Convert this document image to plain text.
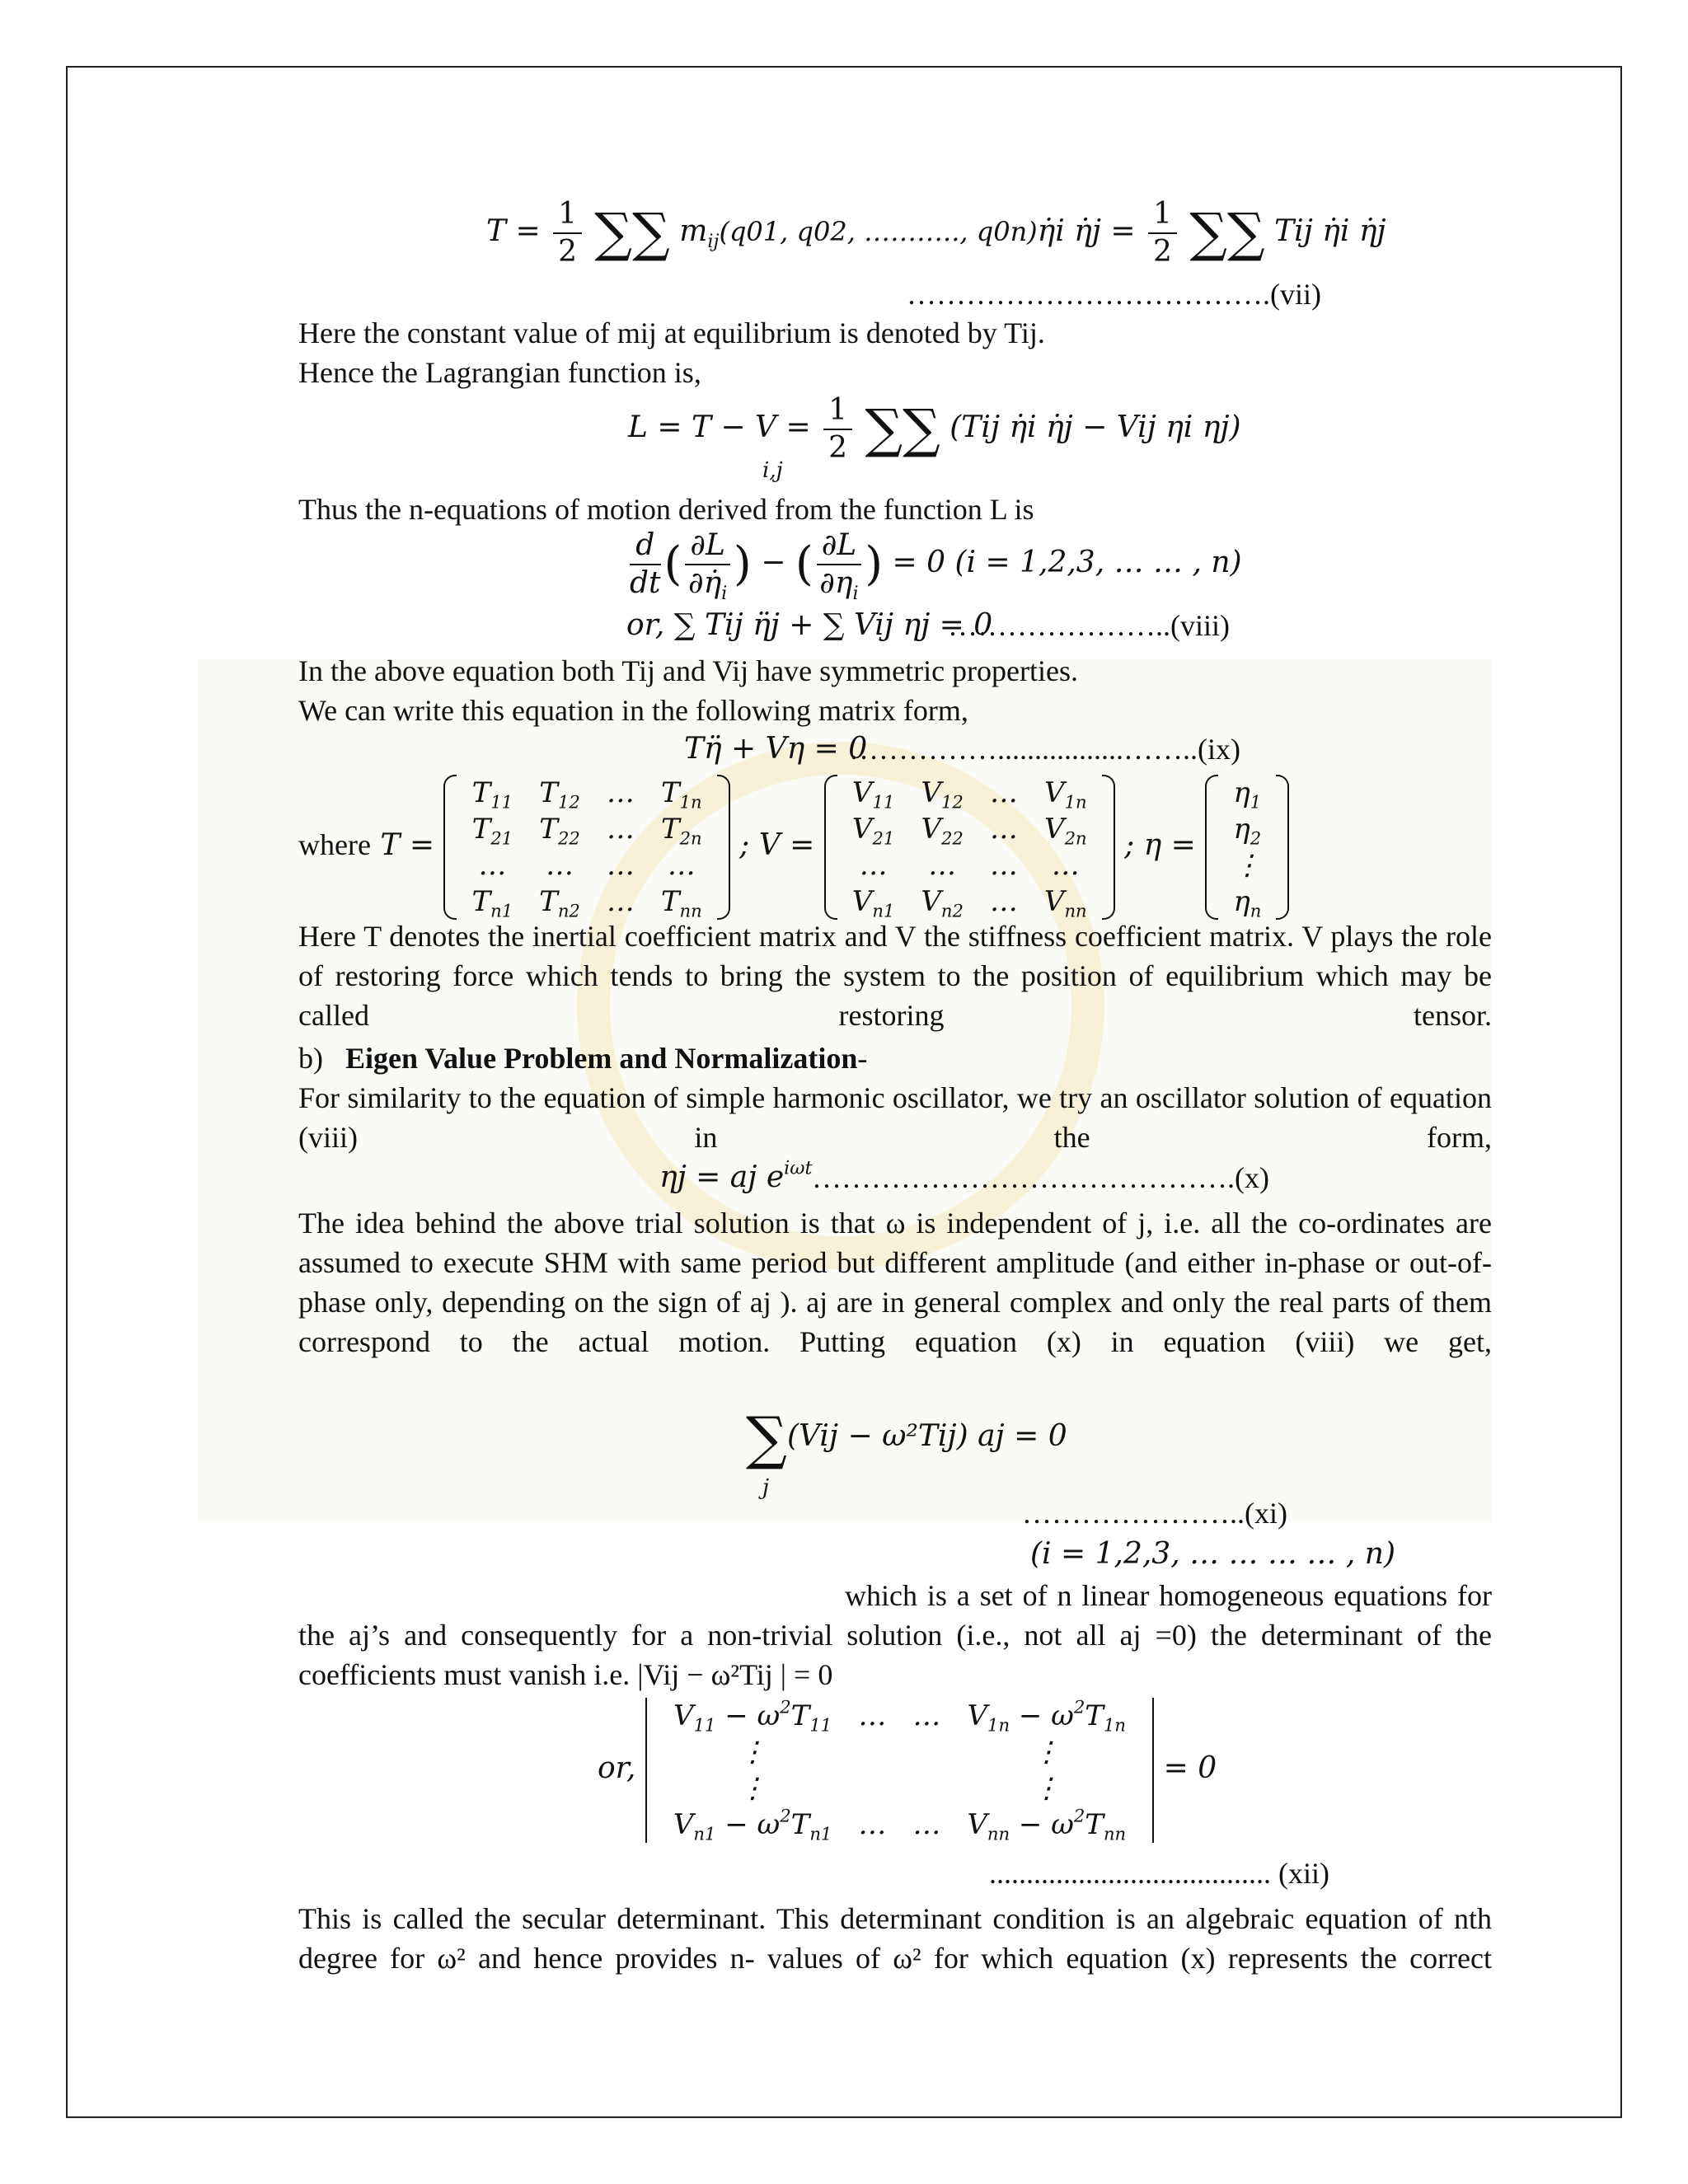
$T = \frac{1}{2}$ ∑∑ $m_{ij}(q01$, q02, ……….., q0n)η̇i η̇j = $\frac{1}{2}$ ∑∑ Tij η̇i η̇j
……………………………….(vii)
Here the constant value of mij at equilibrium is denoted by Tij.
Hence the Lagrangian function is,
$L = T - V = \frac{1}{2}$ ∑∑ (Tij η̇i η̇j − Vij ηi ηj)
i,j
Thus the n-equations of motion derived from the function L is
$\frac{d}{dt}$ ( $\frac{\partial L}{\partial\etȧ_i}$ ) − ( $\frac{\partial L}{\partial\eta_i}$ ) = 0 (i = 1,2,3, … … , n)
or, ∑ Tij η̈j + ∑ Vij ηj = 0
…………………..(viii)
In the above equation both Tij and Vij have symmetric properties.
We can write this equation in the following matrix form,
Tη̈ + Vη = 0
…………….................……..(ix)
where T =
$T_{11}$	$T_{12}$	…	$T_{1n}$
$T_{21}$	$T_{22}$	…	$T_{2n}$
…	…	…	…
$T_{n1}$	$T_{n2}$	…	$T_{nn}$
; V =
$V_{11}$	$V_{12}$	…	$V_{1n}$
$V_{21}$	$V_{22}$	…	$V_{2n}$
…	…	…	…
$V_{n1}$	$V_{n2}$	…	$V_{nn}$
; η =
$\eta_1$
$\eta_2$
⋮
$\eta_n$
Here T denotes the inertial coefficient matrix and V the stiffness coefficient matrix. V plays the role of restoring force which tends to bring the system to the position of equilibrium which may be called restoring tensor.
b) Eigen Value Problem and Normalization-
For similarity to the equation of simple harmonic oscillator, we try an oscillator solution of equation (viii) in the form,
ηj = aj $e^{i\omega t}$ …………………………………….(x)
The idea behind the above trial solution is that ω is independent of j, i.e. all the co-ordinates are assumed to execute SHM with same period but different amplitude (and either in-phase or out-of-phase only, depending on the sign of aj ). aj are in general complex and only the real parts of them correspond to the actual motion. Putting equation (x) in equation (viii) we get,
∑(Vij − ω²Tij) aj = 0
j
…………………..(xi)
(i = 1,2,3, … … … … , n)
which is a set of n linear homogeneous equations for
the aj’s and consequently for a non-trivial solution (i.e., not all aj =0) the determinant of the
coefficients must vanish i.e. |Vij − ω²Tij | = 0
or,
$V_{11} - \omega^2T_{11}$	…	…	$V_{1n} - \omega^2T_{1n}$
⋮			⋮
⋮			⋮
$V_{n1} - \omega^2T_{n1}$	…	…	$V_{nn} - \omega^2T_{nn}$
= 0
...................................... (xii)
This is called the secular determinant. This determinant condition is an algebraic equation of nth
degree for ω² and hence provides n- values of ω² for which equation (x) represents the correct
